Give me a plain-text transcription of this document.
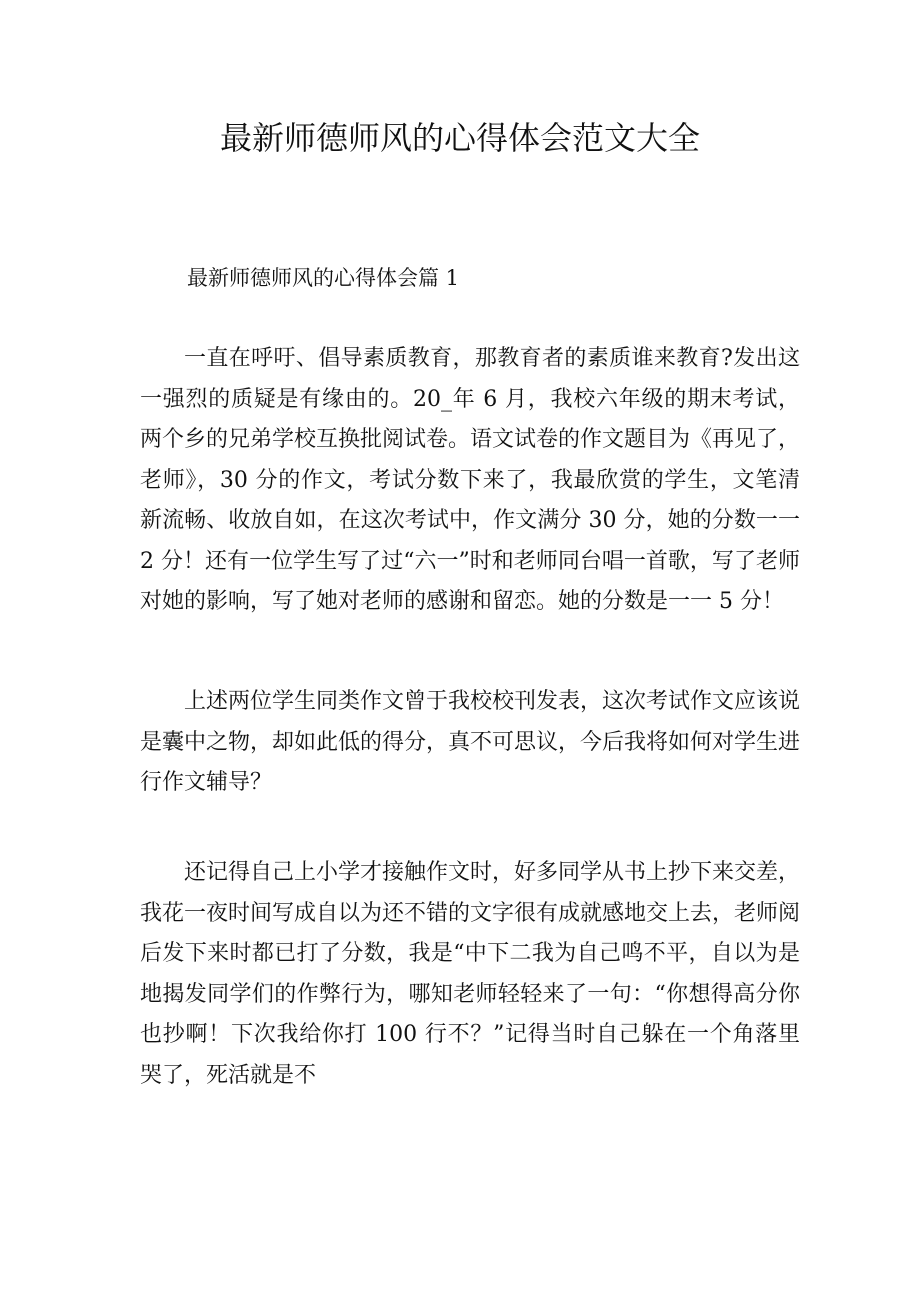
最新师德师风的心得体会范文大全
最新师德师风的心得体会篇 1

一直在呼吁、倡导素质教育，那教育者的素质谁来教育?发出这一强烈的质疑是有缘由的。20_年 6 月，我校六年级的期末考试，两个乡的兄弟学校互换批阅试卷。语文试卷的作文题目为《再见了，老师》，30 分的作文，考试分数下来了，我最欣赏的学生，文笔清新流畅、收放自如，在这次考试中，作文满分 30 分，她的分数一一 2 分！还有一位学生写了过“六一”时和老师同台唱一首歌，写了老师对她的影响，写了她对老师的感谢和留恋。她的分数是一一 5 分！

上述两位学生同类作文曾于我校校刊发表，这次考试作文应该说是囊中之物，却如此低的得分，真不可思议，今后我将如何对学生进行作文辅导？

还记得自己上小学才接触作文时，好多同学从书上抄下来交差，我花一夜时间写成自以为还不错的文字很有成就感地交上去，老师阅后发下来时都已打了分数，我是“中下二我为自己鸣不平，自以为是地揭发同学们的作弊行为，哪知老师轻轻来了一句：“你想得高分你也抄啊！下次我给你打 100 行不？”记得当时自己躲在一个角落里哭了，死活就是不
